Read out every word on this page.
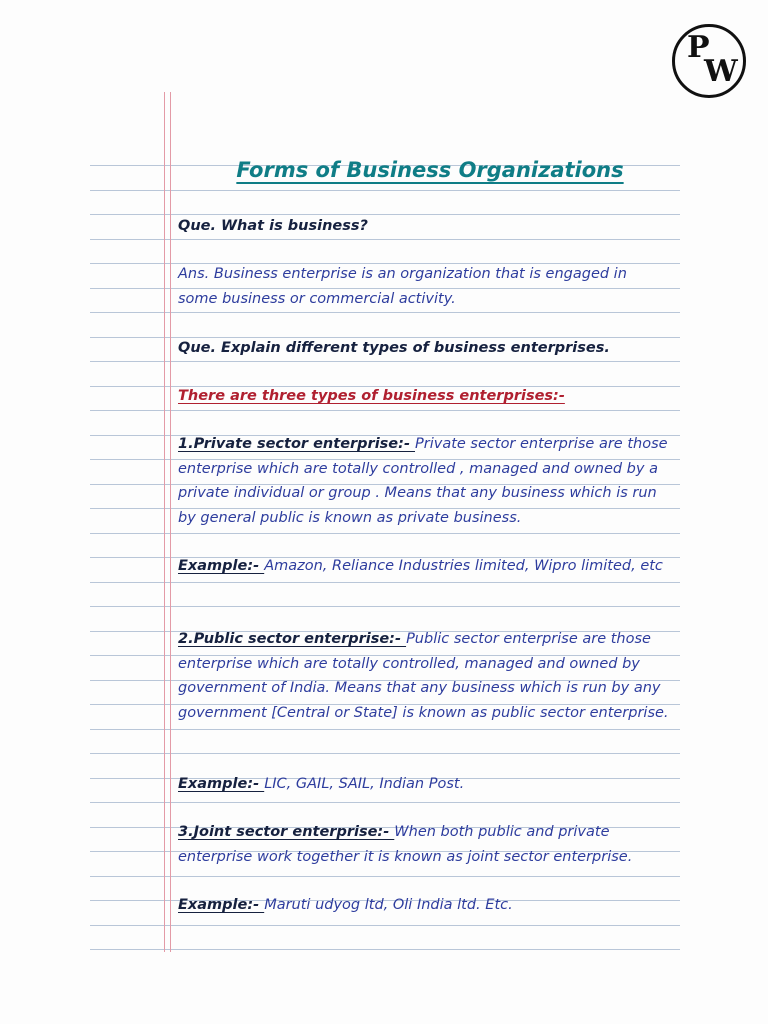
P
W
Forms of Business Organizations
Que. What is business?
Ans. Business enterprise is an organization that is engaged in some business or commercial activity.
Que. Explain different types of business enterprises.
There are three types of business enterprises:-
1.Private sector enterprise:- Private sector enterprise are those enterprise which are totally controlled , managed and owned by a private individual or group . Means that any business which is run by general public is known as private business.
Example:- Amazon, Reliance Industries limited, Wipro limited, etc
2.Public sector enterprise:- Public sector enterprise are those enterprise which are totally controlled, managed and owned by government of India. Means that any business which is run by any government [Central or State] is known as public sector enterprise.
Example:- LIC, GAIL, SAIL, Indian Post.
3.Joint sector enterprise:- When both public and private enterprise work together it is known as joint sector enterprise.
Example:- Maruti udyog ltd, Oli India ltd. Etc.
